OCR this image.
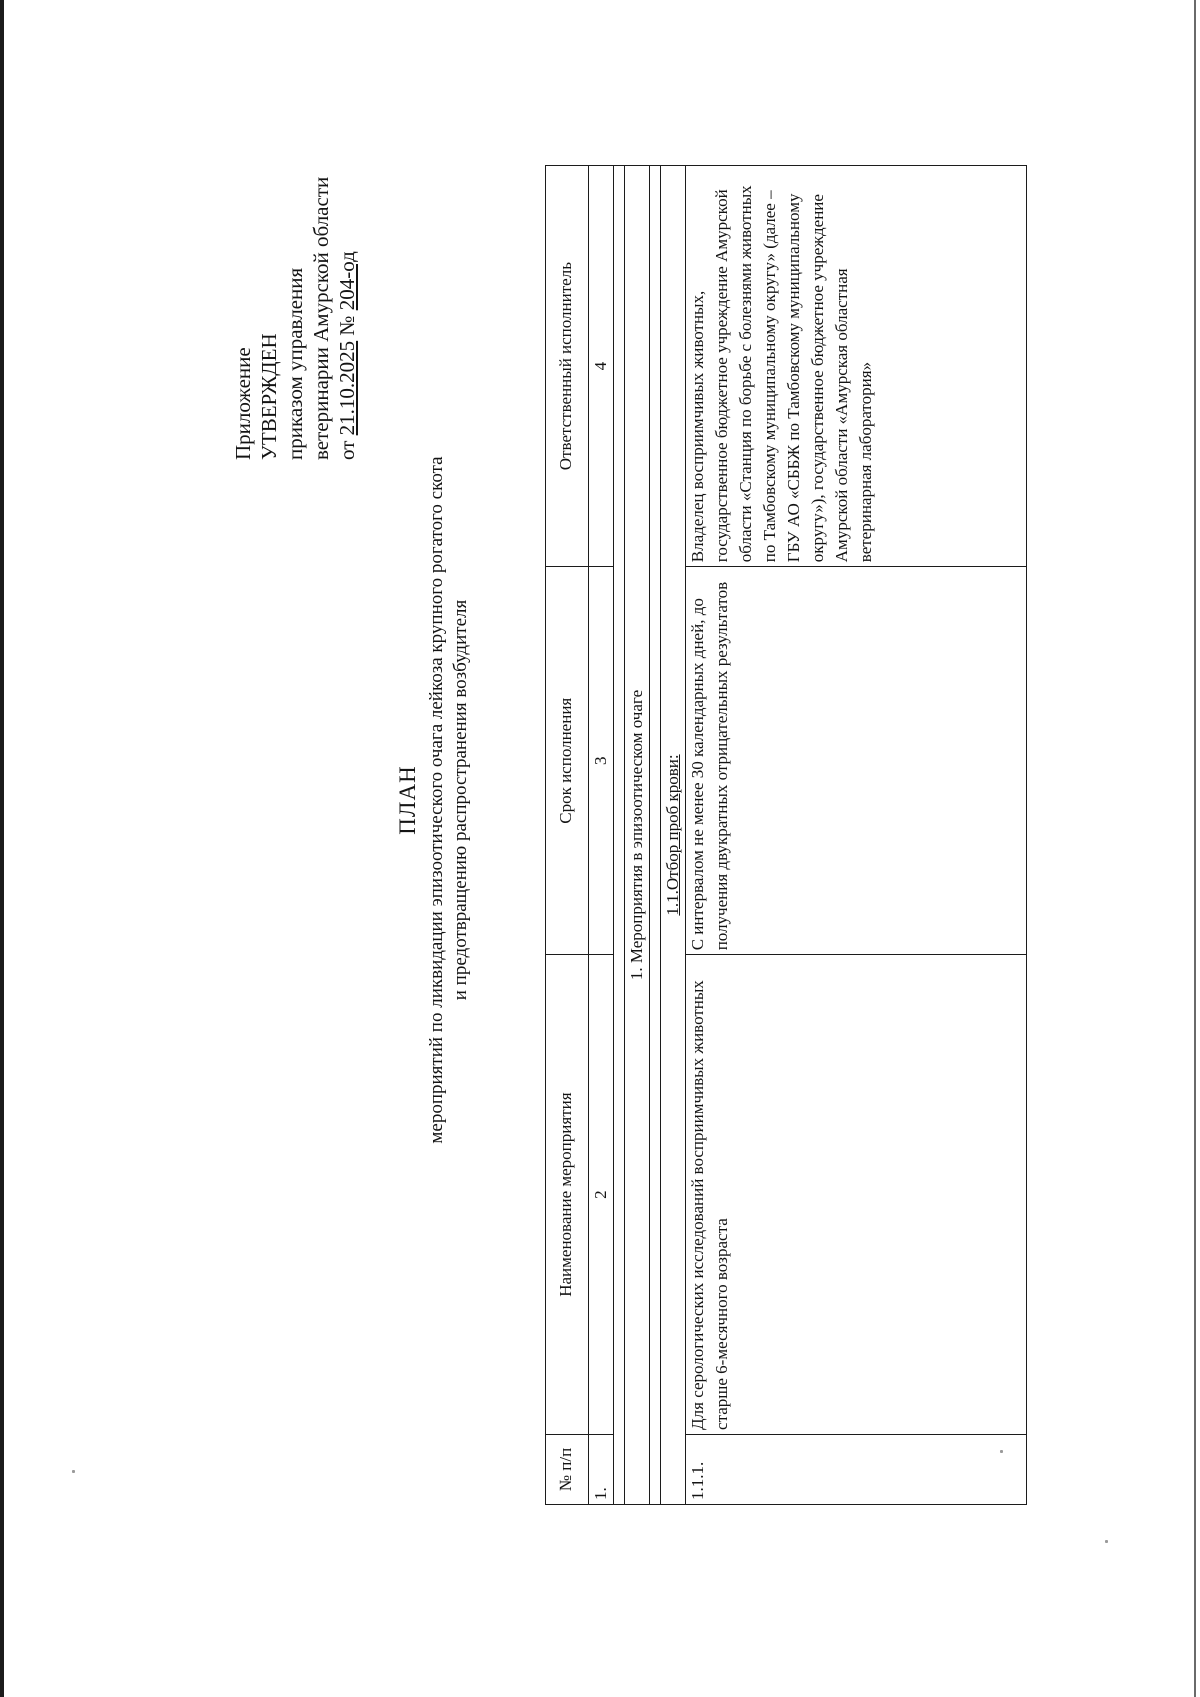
Приложение УТВЕРЖДЕН приказом управления ветеринарии Амурской области от 21.10.2025 № 204-од
ПЛАН мероприятий по ликвидации эпизоотического очага лейкоза крупного рогатого скота и предотвращению распространения возбудителя
№ п/п	Наименование мероприятия	Срок исполнения	Ответственный исполнитель
1.	2	3	4

1. Мероприятия в эпизоотическом очаге			

1.1.Отбор проб крови:			
1.1.1.	Для серологических исследований восприимчивых животных старше 6-месячного возраста	С интервалом не менее 30 календарных дней, до получения двукратных отрицательных результатов	Владелец восприимчивых животных, государственное бюджетное учреждение Амурской области «Станция по борьбе с болезнями животных по Тамбовскому муниципальному округу» (далее – ГБУ АО «СББЖ по Тамбовскому муниципальному округу»), государственное бюджетное учреждение Амурской области «Амурская областная ветеринарная лаборатория»
